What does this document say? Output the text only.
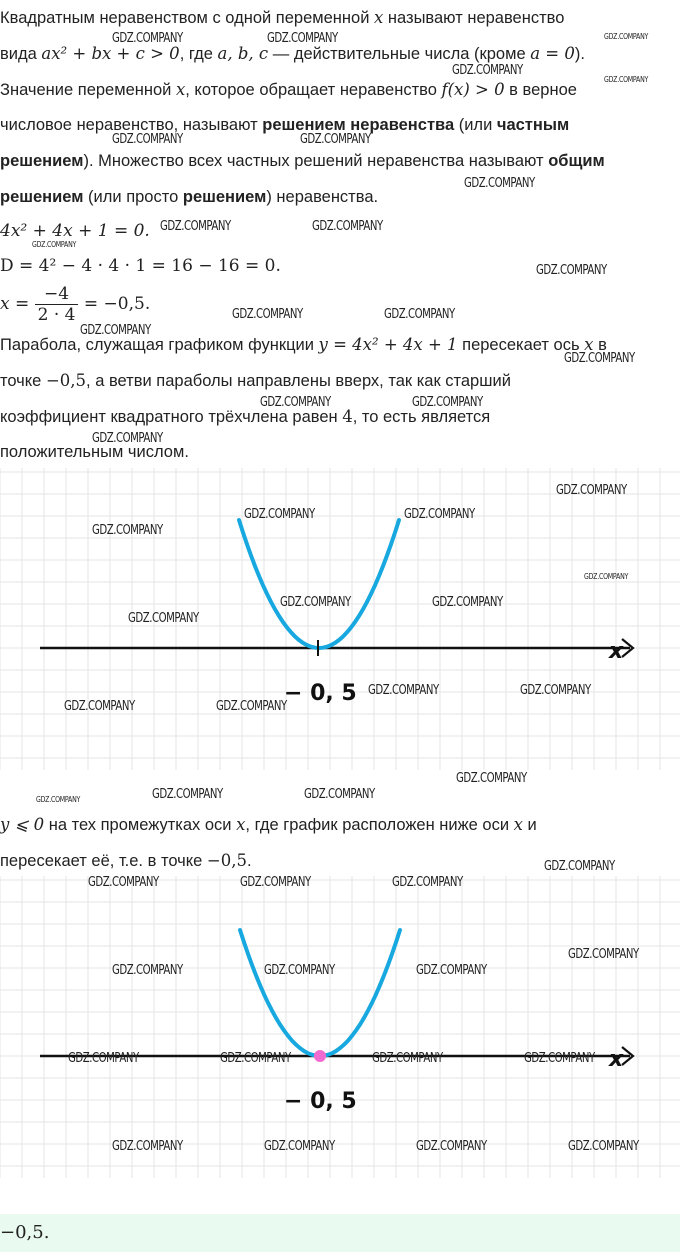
Квадратным неравенством с одной переменной x называют неравенство
вида ax² + bx + c > 0, где a, b, c — действительные числа (кроме a = 0).
Значение переменной x, которое обращает неравенство f(x) > 0 в верное
числовое неравенство, называют решением неравенства (или частным
решением). Множество всех частных решений неравенства называют общим
решением (или просто решением) неравенства.
4x² + 4x + 1 = 0.
D = 4² − 4 · 4 · 1 = 16 − 16 = 0.
$x = \frac{-4}{2 \cdot 4} = -0,5$.
Парабола, служащая графиком функции y = 4x² + 4x + 1 пересекает ось x в
точке −0,5, а ветви параболы направлены вверх, так как старший
коэффициент квадратного трёхчлена равен 4, то есть является
положительным числом.
x
− 0, 5
y ⩽ 0 на тех промежутках оси x, где график расположен ниже оси x и
пересекает её, т.е. в точке −0,5.
x
− 0, 5
−0,5.
GDZ.COMPANY	GDZ.COMPANY	GDZ.COMPANY
GDZ.COMPANY
GDZ.COMPANY
GDZ.COMPANY	GDZ.COMPANY
GDZ.COMPANY
GDZ.COMPANY	GDZ.COMPANY
GDZ.COMPANY
GDZ.COMPANY
GDZ.COMPANY	GDZ.COMPANY
GDZ.COMPANY
GDZ.COMPANY
GDZ.COMPANY	GDZ.COMPANY
GDZ.COMPANY
GDZ.COMPANY
GDZ.COMPANY	GDZ.COMPANY
GDZ.COMPANY
GDZ.COMPANY
GDZ.COMPANY	GDZ.COMPANY
GDZ.COMPANY
GDZ.COMPANY	GDZ.COMPANY
GDZ.COMPANY	GDZ.COMPANY
GDZ.COMPANY
GDZ.COMPANY	GDZ.COMPANY	GDZ.COMPANY
GDZ.COMPANY
GDZ.COMPANY	GDZ.COMPANY	GDZ.COMPANY
GDZ.COMPANY
GDZ.COMPANY	GDZ.COMPANY	GDZ.COMPANY
GDZ.COMPANY	GDZ.COMPANY	GDZ.COMPANY	GDZ.COMPANY
GDZ.COMPANY	GDZ.COMPANY	GDZ.COMPANY	GDZ.COMPANY
